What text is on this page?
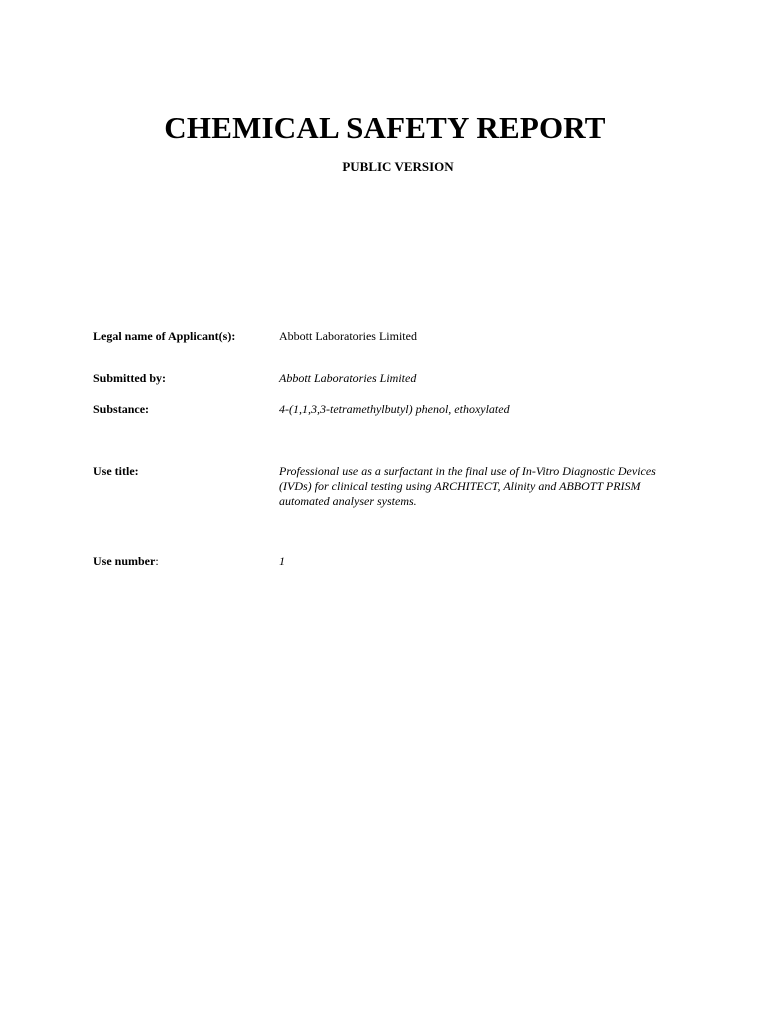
CHEMICAL SAFETY REPORT

PUBLIC VERSION

Legal name of Applicant(s):	Abbott Laboratories Limited
Submitted by:	Abbott Laboratories Limited
Substance:	4-(1,1,3,3-tetramethylbutyl) phenol, ethoxylated
Use title:	Professional use as a surfactant in the final use of In-Vitro Diagnostic Devices (IVDs) for clinical testing using ARCHITECT, Alinity and ABBOTT PRISM automated analyser systems.
Use number:	1
